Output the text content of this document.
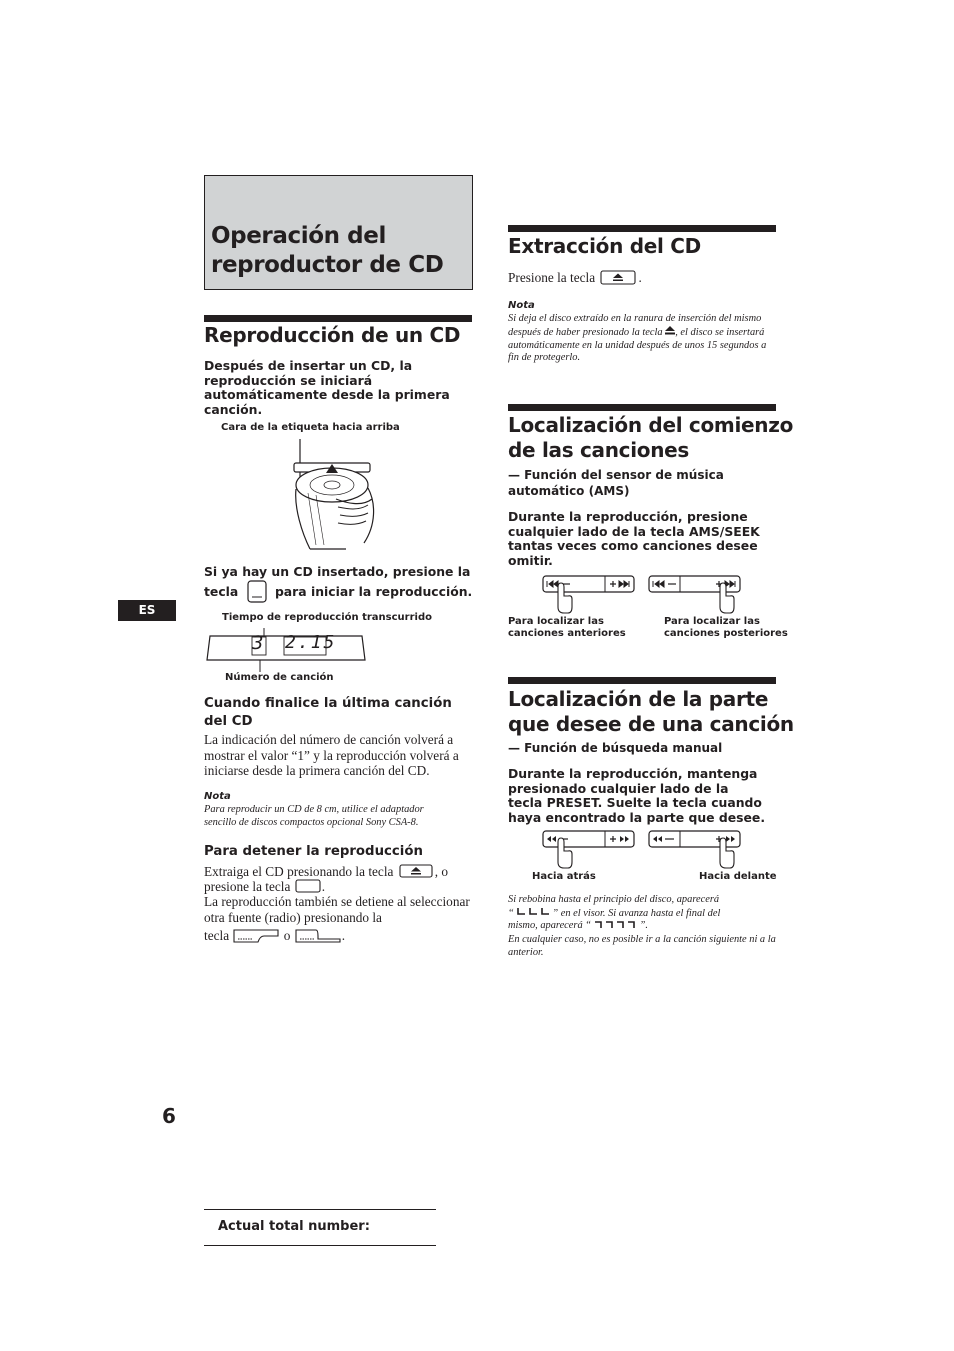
Operación del
reproductor de CD
ES
6
Actual total number:
Reproducción de un CD
Después de insertar un CD, la reproducción se iniciará automáticamente desde la primera canción.
Cara de la etiqueta hacia arriba
Si ya hay un CD insertado, presione la
tecla	para iniciar la reproducción.
Tiempo de reproducción transcurrido
3 2.15
Número de canción
Cuando finalice la última canción del CD
La indicación del número de canción volverá a mostrar el valor “1” y la reproducción volverá a iniciarse desde la primera canción del CD.
Nota
Para reproducir un CD de 8 cm, utilice el adaptador sencillo de discos compactos opcional Sony CSA-8.
Para detener la reproducción
Extraiga el CD presionando la tecla	, o
presione la tecla .
La reproducción también se detiene al seleccionar otra fuente (radio) presionando la
tecla	o	.
Extracción del CD
Presione la tecla	.
Nota
Si deja el disco extraído en la ranura de inserción del mismo después de haber presionado la tecla , el disco se insertará automáticamente en la unidad después de unos 15 segundos a fin de protegerlo.
Localización del comienzo
de las canciones
— Función del sensor de música automático (AMS)
Durante la reproducción, presione cualquier lado de la tecla AMS/SEEK tantas veces como canciones desee omitir.
Para localizar las canciones anteriores
Para localizar las canciones posteriores
Localización de la parte
que desee de una canción
— Función de búsqueda manual
Durante la reproducción, mantenga presionado cualquier lado de la tecla PRESET. Suelte la tecla cuando haya encontrado la parte que desee.
Hacia atrás	Hacia delante
Si rebobina hasta el principio del disco, aparecerá
“	” en el visor. Si avanza hasta el final del
mismo, aparecerá “	”.
En cualquier caso, no es posible ir a la canción siguiente ni a la anterior.
